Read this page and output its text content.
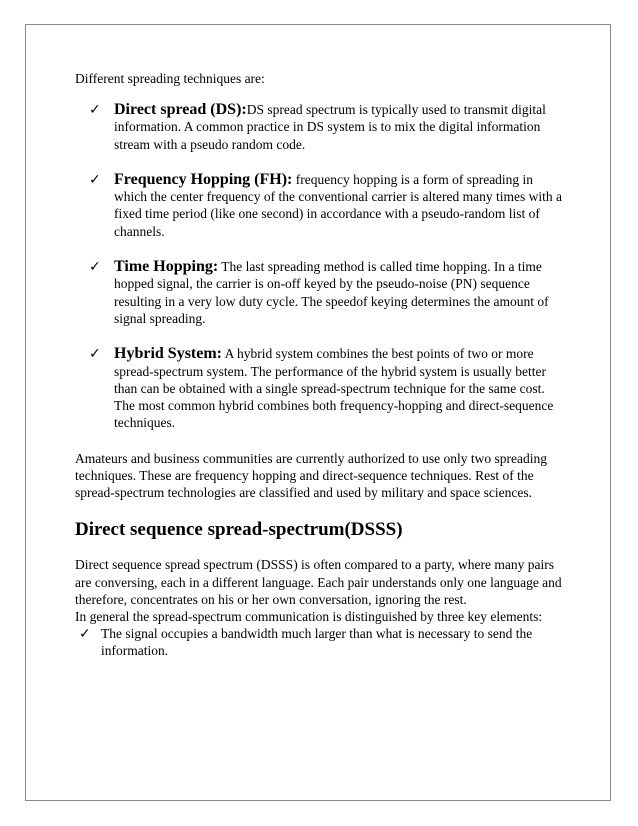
Different spreading techniques are:

✓ Direct spread (DS):DS spread spectrum is typically used to transmit digital information. A common practice in DS system is to mix the digital information stream with a pseudo random code.
✓ Frequency Hopping (FH): frequency hopping is a form of spreading in which the center frequency of the conventional carrier is altered many times with a fixed time period (like one second) in accordance with a pseudo-random list of channels.
✓ Time Hopping: The last spreading method is called time hopping. In a time hopped signal, the carrier is on-off keyed by the pseudo-noise (PN) sequence resulting in a very low duty cycle. The speedof keying determines the amount of signal spreading.
✓ Hybrid System: A hybrid system combines the best points of two or more spread-spectrum system. The performance of the hybrid system is usually better than can be obtained with a single spread-spectrum technique for the same cost. The most common hybrid combines both frequency-hopping and direct-sequence techniques.

Amateurs and business communities are currently authorized to use only two spreading techniques. These are frequency hopping and direct-sequence techniques. Rest of the spread-spectrum technologies are classified and used by military and space sciences.

Direct sequence spread-spectrum(DSSS)

Direct sequence spread spectrum (DSSS) is often compared to a party, where many pairs are conversing, each in a different language. Each pair understands only one language and therefore, concentrates on his or her own conversation, ignoring the rest.

In general the spread-spectrum communication is distinguished by three key elements:

✓ The signal occupies a bandwidth much larger than what is necessary to send the information.
